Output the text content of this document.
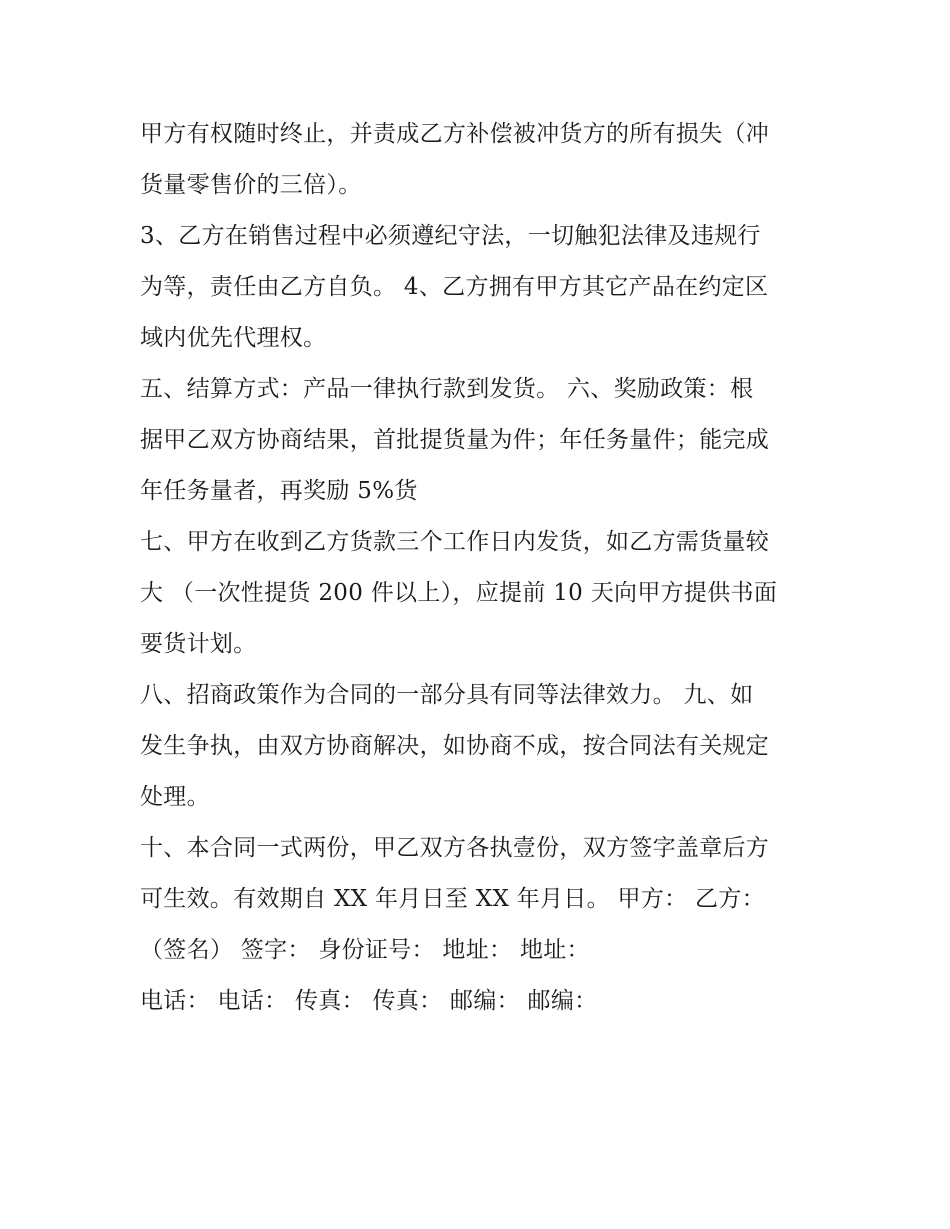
甲方有权随时终止，并责成乙方补偿被冲货方的所有损失（冲
货量零售价的三倍）。
3、乙方在销售过程中必须遵纪守法，一切触犯法律及违规行
为等，责任由乙方自负。 4、乙方拥有甲方其它产品在约定区
域内优先代理权。
五、结算方式：产品一律执行款到发货。 六、奖励政策：根
据甲乙双方协商结果，首批提货量为件；年任务量件；能完成
年任务量者，再奖励 5%货
七、甲方在收到乙方货款三个工作日内发货，如乙方需货量较
大 （一次性提货 200 件以上），应提前 10 天向甲方提供书面
要货计划。
八、招商政策作为合同的一部分具有同等法律效力。 九、如
发生争执，由双方协商解决，如协商不成，按合同法有关规定
处理。
十、本合同一式两份，甲乙双方各执壹份，双方签字盖章后方
可生效。有效期自 XX 年月日至 XX 年月日。 甲方： 乙方：
（签名） 签字： 身份证号： 地址： 地址：
电话： 电话： 传真： 传真： 邮编： 邮编：
